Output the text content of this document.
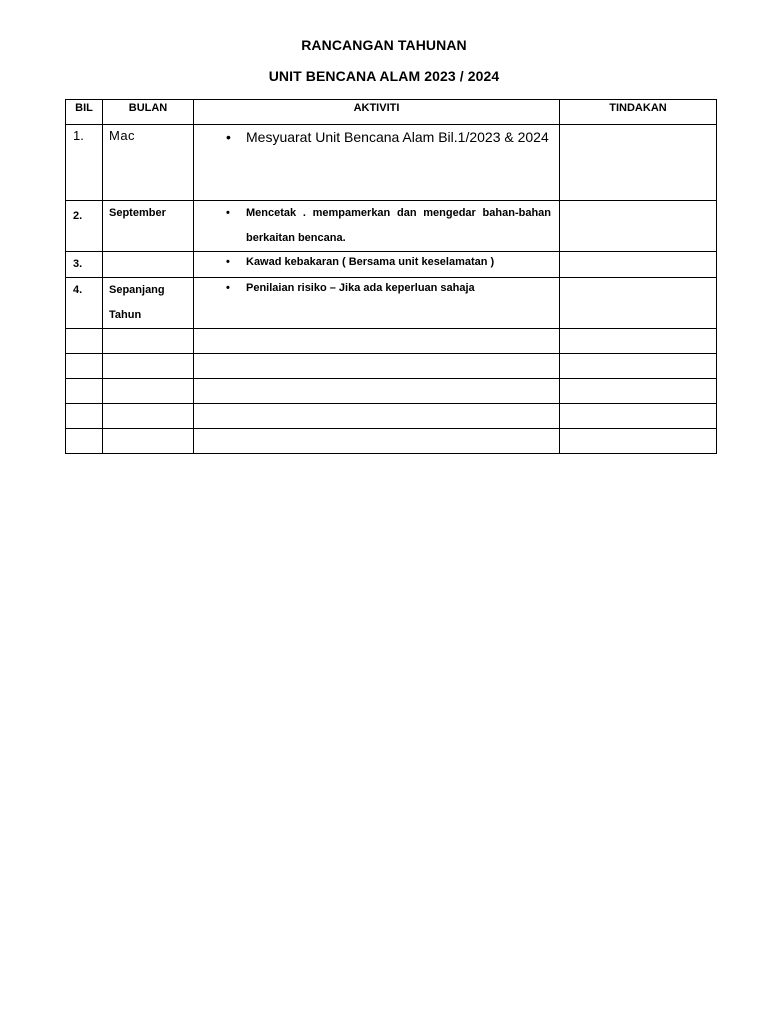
RANCANGAN TAHUNAN
UNIT BENCANA ALAM 2023 / 2024
BIL	BULAN	AKTIVITI	TINDAKAN

1.	Mac	• Mesyuarat Unit Bencana Alam Bil.1/2023 & 2024	

2.	September	• Mencetak . mempamerkan dan mengedar bahan-bahan berkaitan bencana.	

3.		• Kawad kebakaran ( Bersama unit keselamatan )	

4.	Sepanjang Tahun	• Penilaian risiko – Jika ada keperluan sahaja	
